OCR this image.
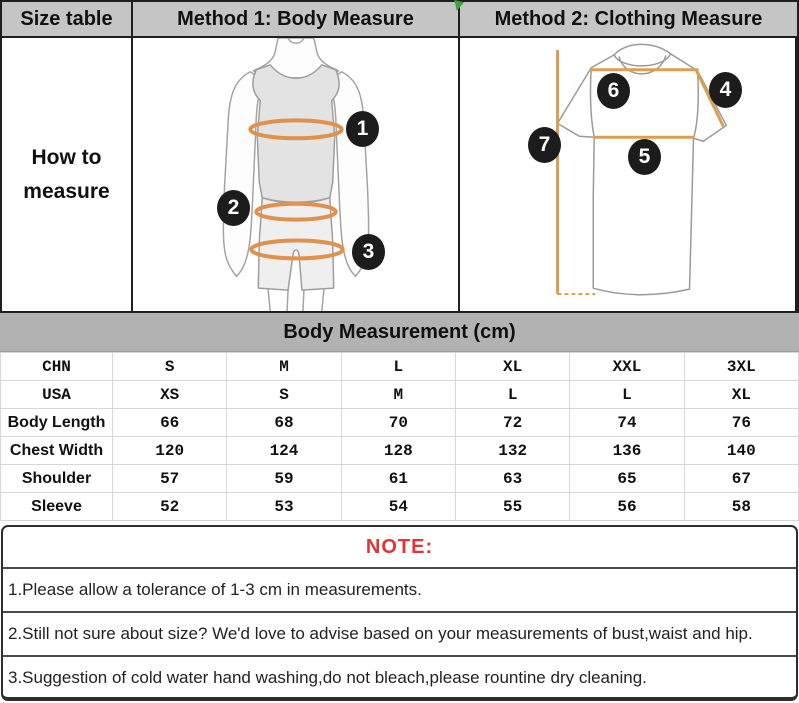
Size table	Method 1: Body Measure	Method 2: Clothing Measure
How to
measure
1
2
3
4
5
6
7
Body Measurement (cm)
CHN	S	M	L	XL	XXL	3XL
USA	XS	S	M	L	L	XL
Body Length	66	68	70	72	74	76
Chest Width	120	124	128	132	136	140
Shoulder	57	59	61	63	65	67
Sleeve	52	53	54	55	56	58
NOTE:
1.Please allow a tolerance of 1-3 cm in measurements.
2.Still not sure about size? We'd love to advise based on your measurements of bust,waist and hip.
3.Suggestion of cold water hand washing,do not bleach,please rountine dry cleaning.
